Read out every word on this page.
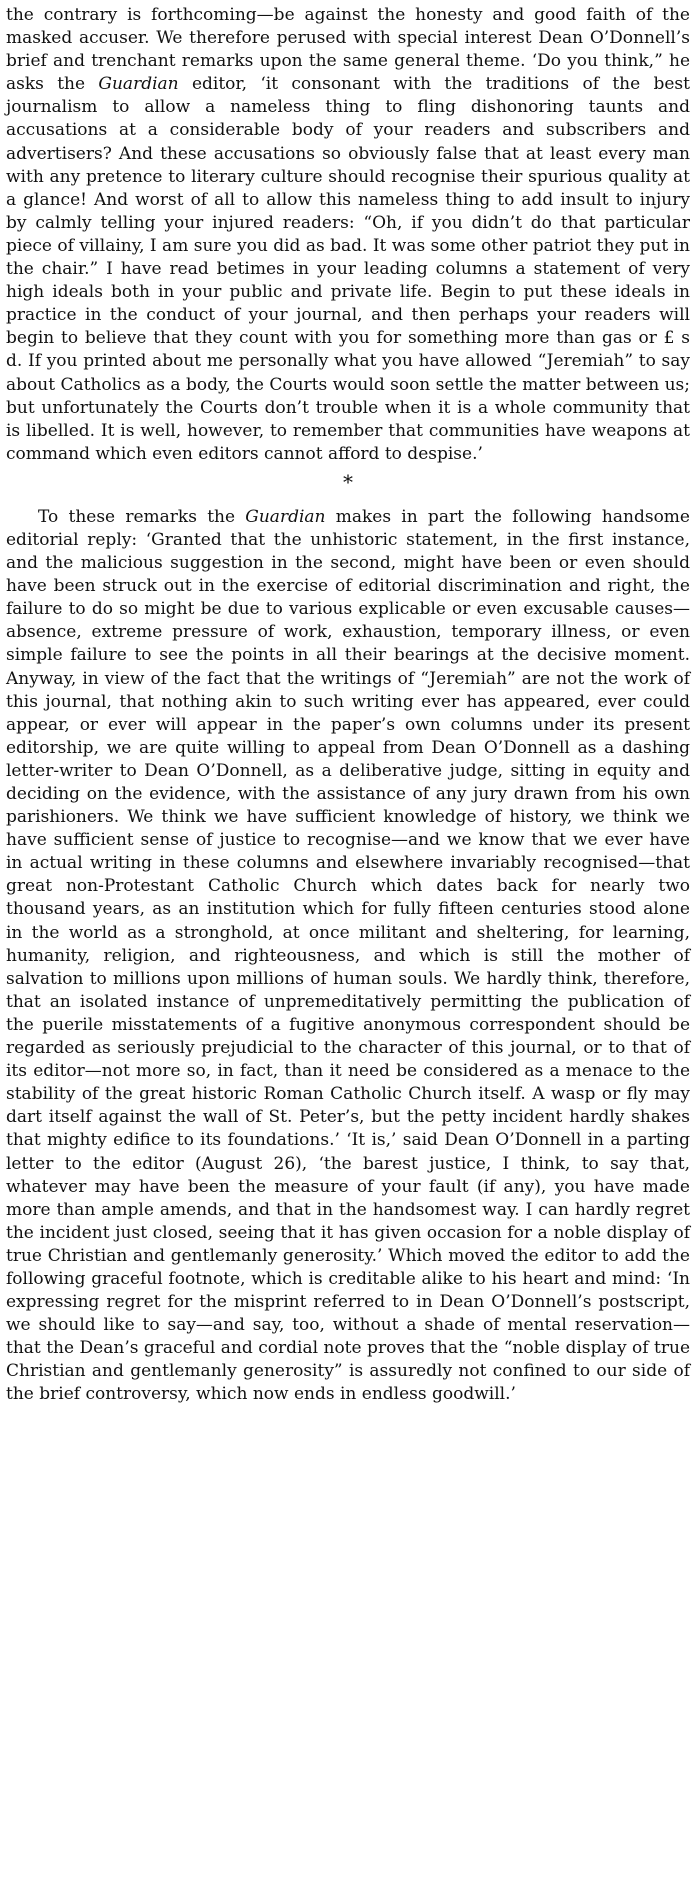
the contrary is forthcoming—be against the honesty and good faith of the masked accuser. We therefore perused with special interest Dean O’Donnell’s brief and trenchant remarks upon the same general theme. ‘Do you think,” he asks the Guardian editor, ‘it consonant with the traditions of the best journalism to allow a nameless thing to fling dishonoring taunts and accusations at a considerable body of your readers and subscribers and advertisers? And these accusations so obviously false that at least every man with any pretence to literary culture should recognise their spurious quality at a glance! And worst of all to allow this nameless thing to add insult to injury by calmly telling your injured readers: “Oh, if you didn’t do that particular piece of villainy, I am sure you did as bad. It was some other patriot they put in the chair.” I have read betimes in your leading columns a statement of very high ideals both in your public and private life. Begin to put these ideals in practice in the conduct of your journal, and then perhaps your readers will begin to believe that they count with you for something more than gas or £ s d. If you printed about me personally what you have allowed “Jeremiah” to say about Catholics as a body, the Courts would soon settle the matter between us; but unfortunately the Courts don’t trouble when it is a whole community that is libelled. It is well, however, to remember that communities have weapons at command which even editors cannot afford to despise.’

*

To these remarks the Guardian makes in part the following handsome editorial reply: ‘Granted that the unhistoric statement, in the first instance, and the malicious suggestion in the second, might have been or even should have been struck out in the exercise of editorial discrimination and right, the failure to do so might be due to various explicable or even excusable causes—absence, extreme pressure of work, exhaustion, temporary illness, or even simple failure to see the points in all their bearings at the decisive moment. Anyway, in view of the fact that the writings of “Jeremiah” are not the work of this journal, that nothing akin to such writing ever has appeared, ever could appear, or ever will appear in the paper’s own columns under its present editorship, we are quite willing to appeal from Dean O’Donnell as a dashing letter-writer to Dean O’Donnell, as a deliberative judge, sitting in equity and deciding on the evidence, with the assistance of any jury drawn from his own parishioners. We think we have sufficient knowledge of history, we think we have sufficient sense of justice to recognise—and we know that we ever have in actual writing in these columns and elsewhere invariably recognised—that great non-Protestant Catholic Church which dates back for nearly two thousand years, as an institution which for fully fifteen centuries stood alone in the world as a stronghold, at once militant and sheltering, for learning, humanity, religion, and righteousness, and which is still the mother of salvation to millions upon millions of human souls. We hardly think, therefore, that an isolated instance of unpremeditatively permitting the publication of the puerile misstatements of a fugitive anonymous correspondent should be regarded as seriously prejudicial to the character of this journal, or to that of its editor—not more so, in fact, than it need be considered as a menace to the stability of the great historic Roman Catholic Church itself. A wasp or fly may dart itself against the wall of St. Peter’s, but the petty incident hardly shakes that mighty edifice to its foundations.’ ‘It is,’ said Dean O’Donnell in a parting letter to the editor (August 26), ‘the barest justice, I think, to say that, whatever may have been the measure of your fault (if any), you have made more than ample amends, and that in the handsomest way. I can hardly regret the incident just closed, seeing that it has given occasion for a noble display of true Christian and gentlemanly generosity.’ Which moved the editor to add the following graceful footnote, which is creditable alike to his heart and mind: ‘In expressing regret for the misprint referred to in Dean O’Donnell’s postscript, we should like to say—and say, too, without a shade of mental reservation—that the Dean’s graceful and cordial note proves that the “noble display of true Christian and gentlemanly generosity” is assuredly not confined to our side of the brief controversy, which now ends in endless goodwill.’
